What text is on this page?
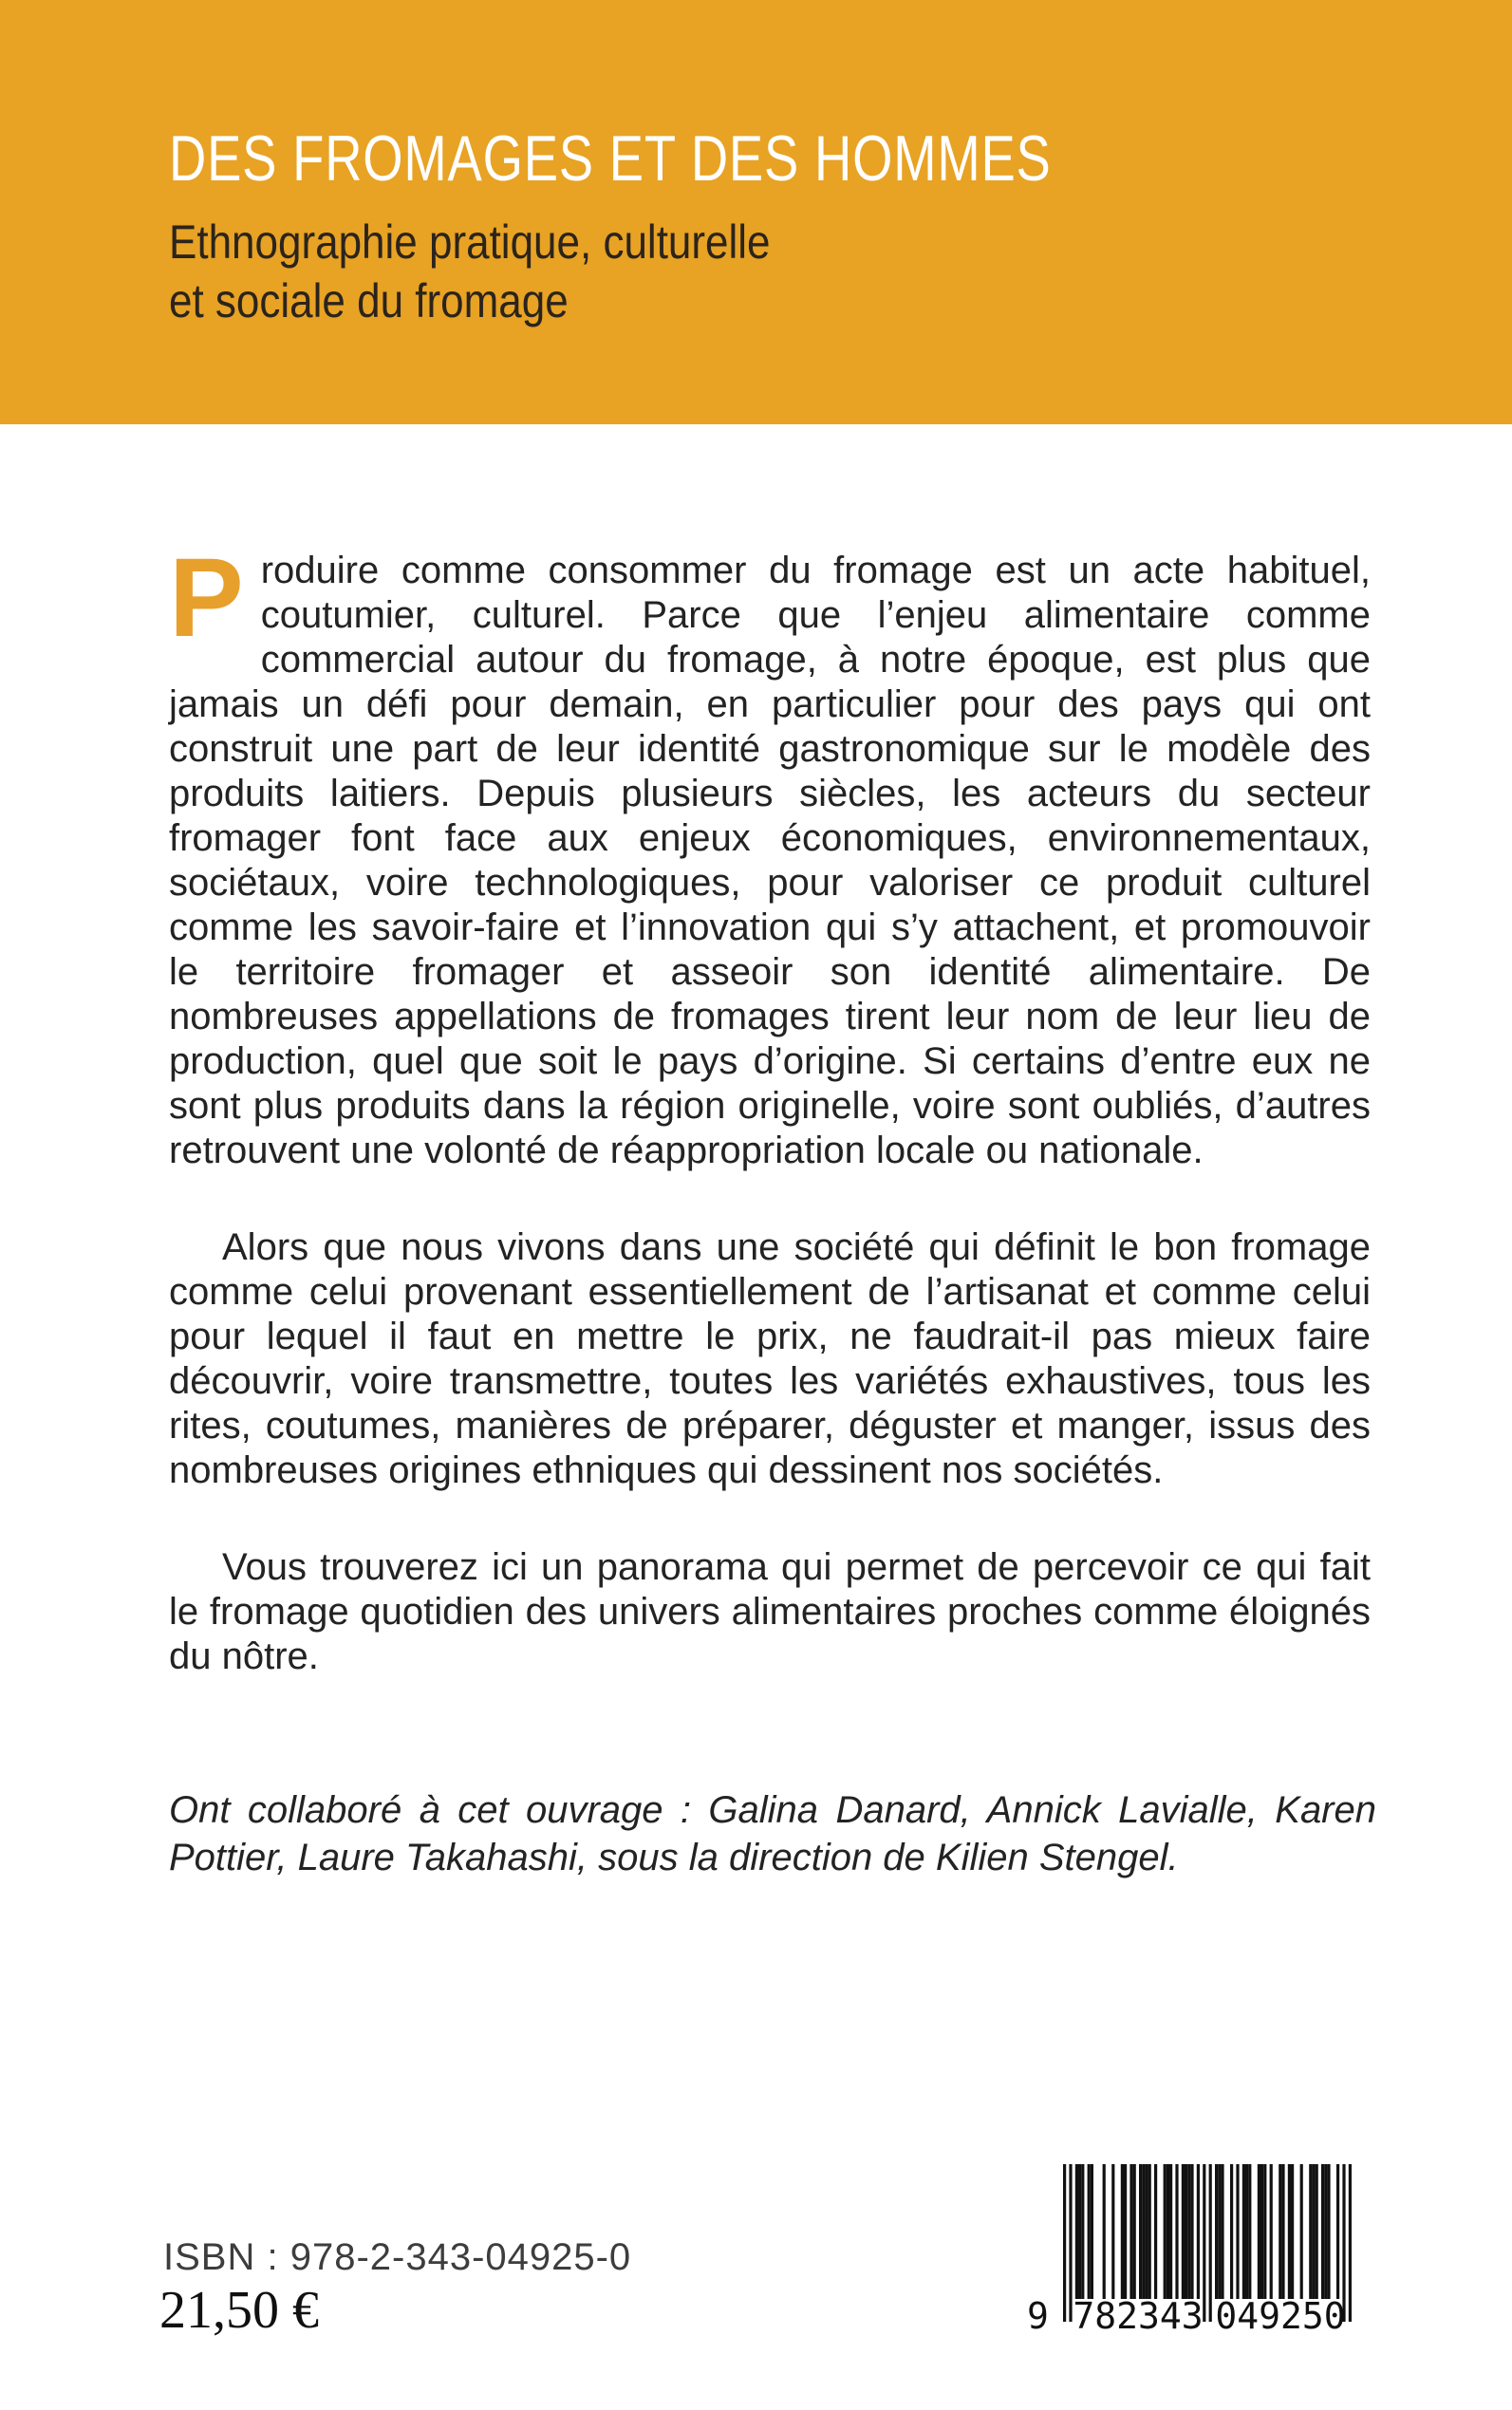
DES FROMAGES ET DES HOMMES
Ethnographie pratique, culturelle
et sociale du fromage

Produire comme consommer du fromage est un acte habituel, coutumier, culturel. Parce que l’enjeu alimentaire comme commercial autour du fromage, à notre époque, est plus que jamais un défi pour demain, en particulier pour des pays qui ont construit une part de leur identité gastronomique sur le modèle des produits laitiers. Depuis plusieurs siècles, les acteurs du secteur fromager font face aux enjeux économiques, environnementaux, sociétaux, voire technologiques, pour valoriser ce produit culturel comme les savoir-faire et l’innovation qui s’y attachent, et promouvoir le territoire fromager et asseoir son identité alimentaire. De nombreuses appellations de fromages tirent leur nom de leur lieu de production, quel que soit le pays d’origine. Si certains d’entre eux ne sont plus produits dans la région originelle, voire sont oubliés, d’autres retrouvent une volonté de réappropriation locale ou nationale.

Alors que nous vivons dans une société qui définit le bon fromage comme celui provenant essentiellement de l’artisanat et comme celui pour lequel il faut en mettre le prix, ne faudrait-il pas mieux faire découvrir, voire transmettre, toutes les variétés exhaustives, tous les rites, coutumes, manières de préparer, déguster et manger, issus des nombreuses origines ethniques qui dessinent nos sociétés.

Vous trouverez ici un panorama qui permet de percevoir ce qui fait le fromage quotidien des univers alimentaires proches comme éloignés du nôtre.

Ont collaboré à cet ouvrage : Galina Danard, Annick Lavialle, Karen Pottier, Laure Takahashi, sous la direction de Kilien Stengel.

ISBN : 978-2-343-04925-0
21,50 €	9 782343 049250
